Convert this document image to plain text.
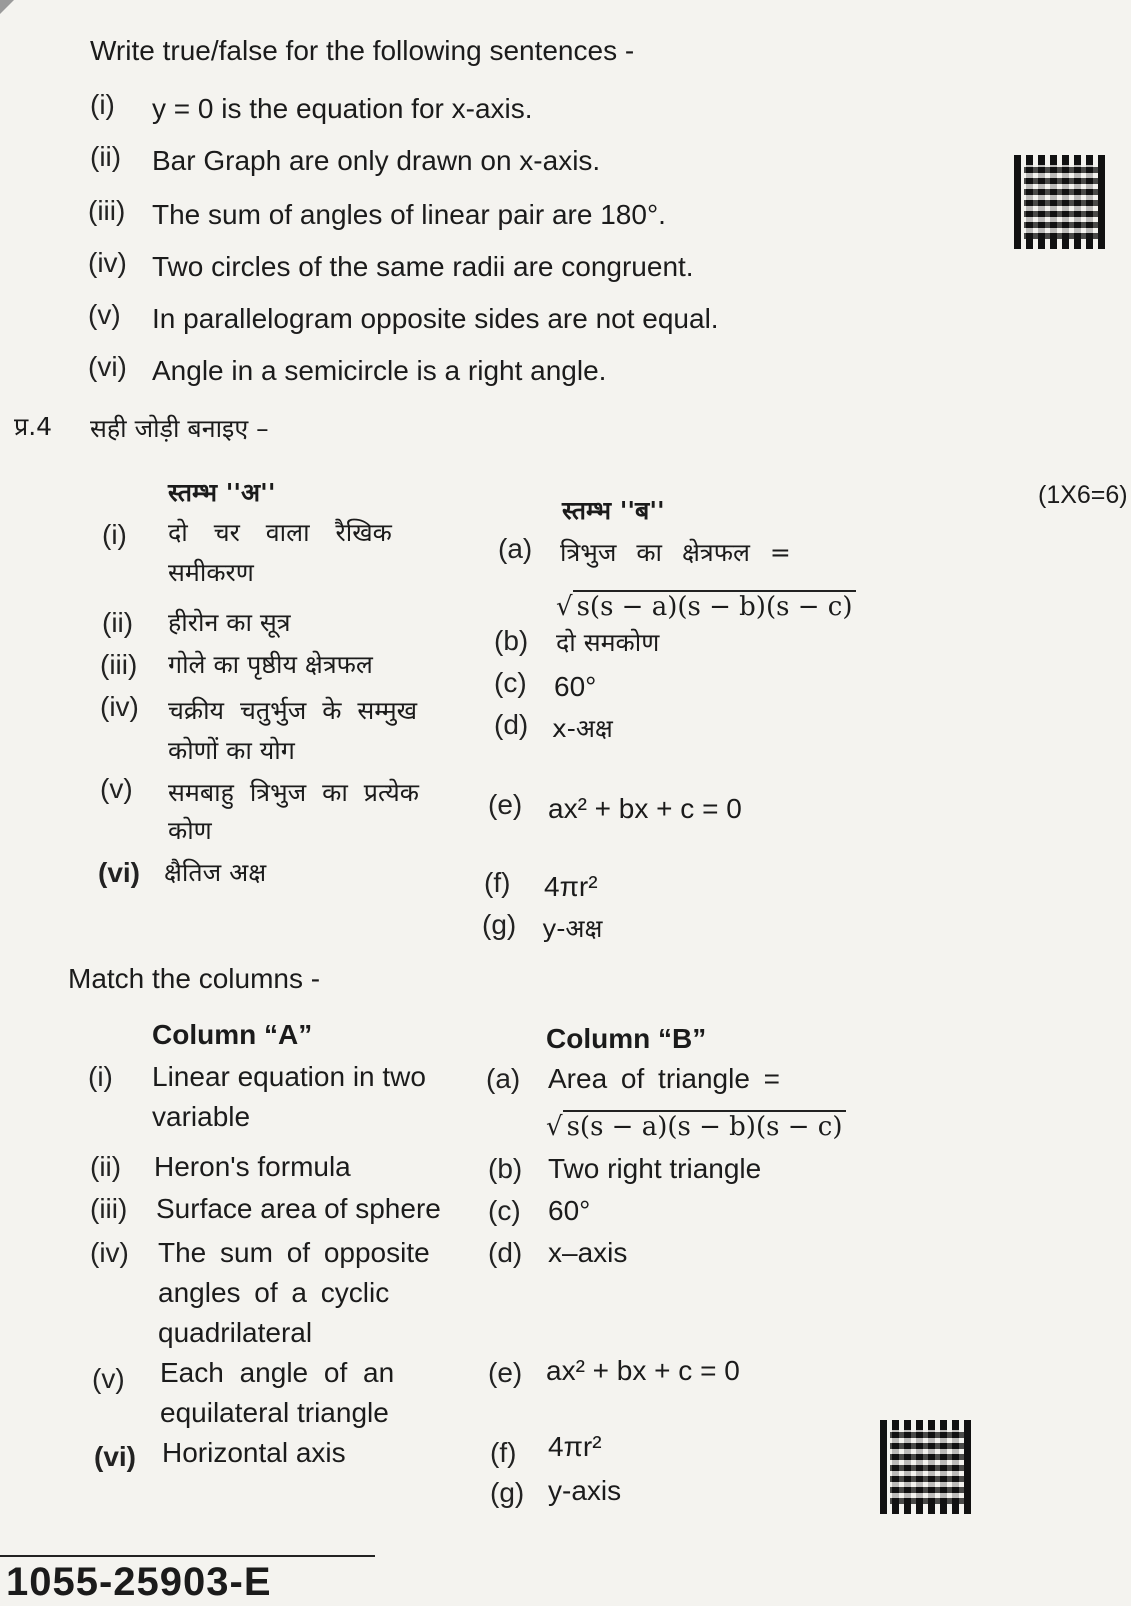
Write true/false for the following sentences -
(i) y = 0 is the equation for x-axis.
(ii) Bar Graph are only drawn on x-axis.
(iii) The sum of angles of linear pair are 180°.
(iv) Two circles of the same radii are congruent.
(v) In parallelogram opposite sides are not equal.
(vi) Angle in a semicircle is a right angle.
प्र.4 सही जोड़ी बनाइए –
(1X6=6)
स्तम्भ ''अ''
स्तम्भ ''ब''
(i) दो चर वाला रैखिक
समीकरण
(ii) हीरोन का सूत्र
(iii) गोले का पृष्ठीय क्षेत्रफल
(iv) चक्रीय चतुर्भुज के सम्मुख
कोणों का योग
(v) समबाहु त्रिभुज का प्रत्येक
कोण
(vi) क्षैतिज अक्ष
(a) त्रिभुज का क्षेत्रफल =
√ s(s − a)(s − b)(s − c)
(b) दो समकोण
(c) 60°
(d) x-अक्ष
(e) ax² + bx + c = 0
(f) 4πr²
(g) y-अक्ष
Match the columns -
Column “A”	Column “B”
(i) Linear equation in two
variable
(ii) Heron's formula
(iii) Surface area of sphere
(iv) The sum of opposite
angles of a cyclic
quadrilateral
(v) Each angle of an
equilateral triangle
(vi) Horizontal axis
(a) Area of triangle =
√ s(s − a)(s − b)(s − c)
(b) Two right triangle
(c) 60°
(d) x–axis
(e) ax² + bx + c = 0
(f) 4πr²
(g) y-axis
1055-25903-E
